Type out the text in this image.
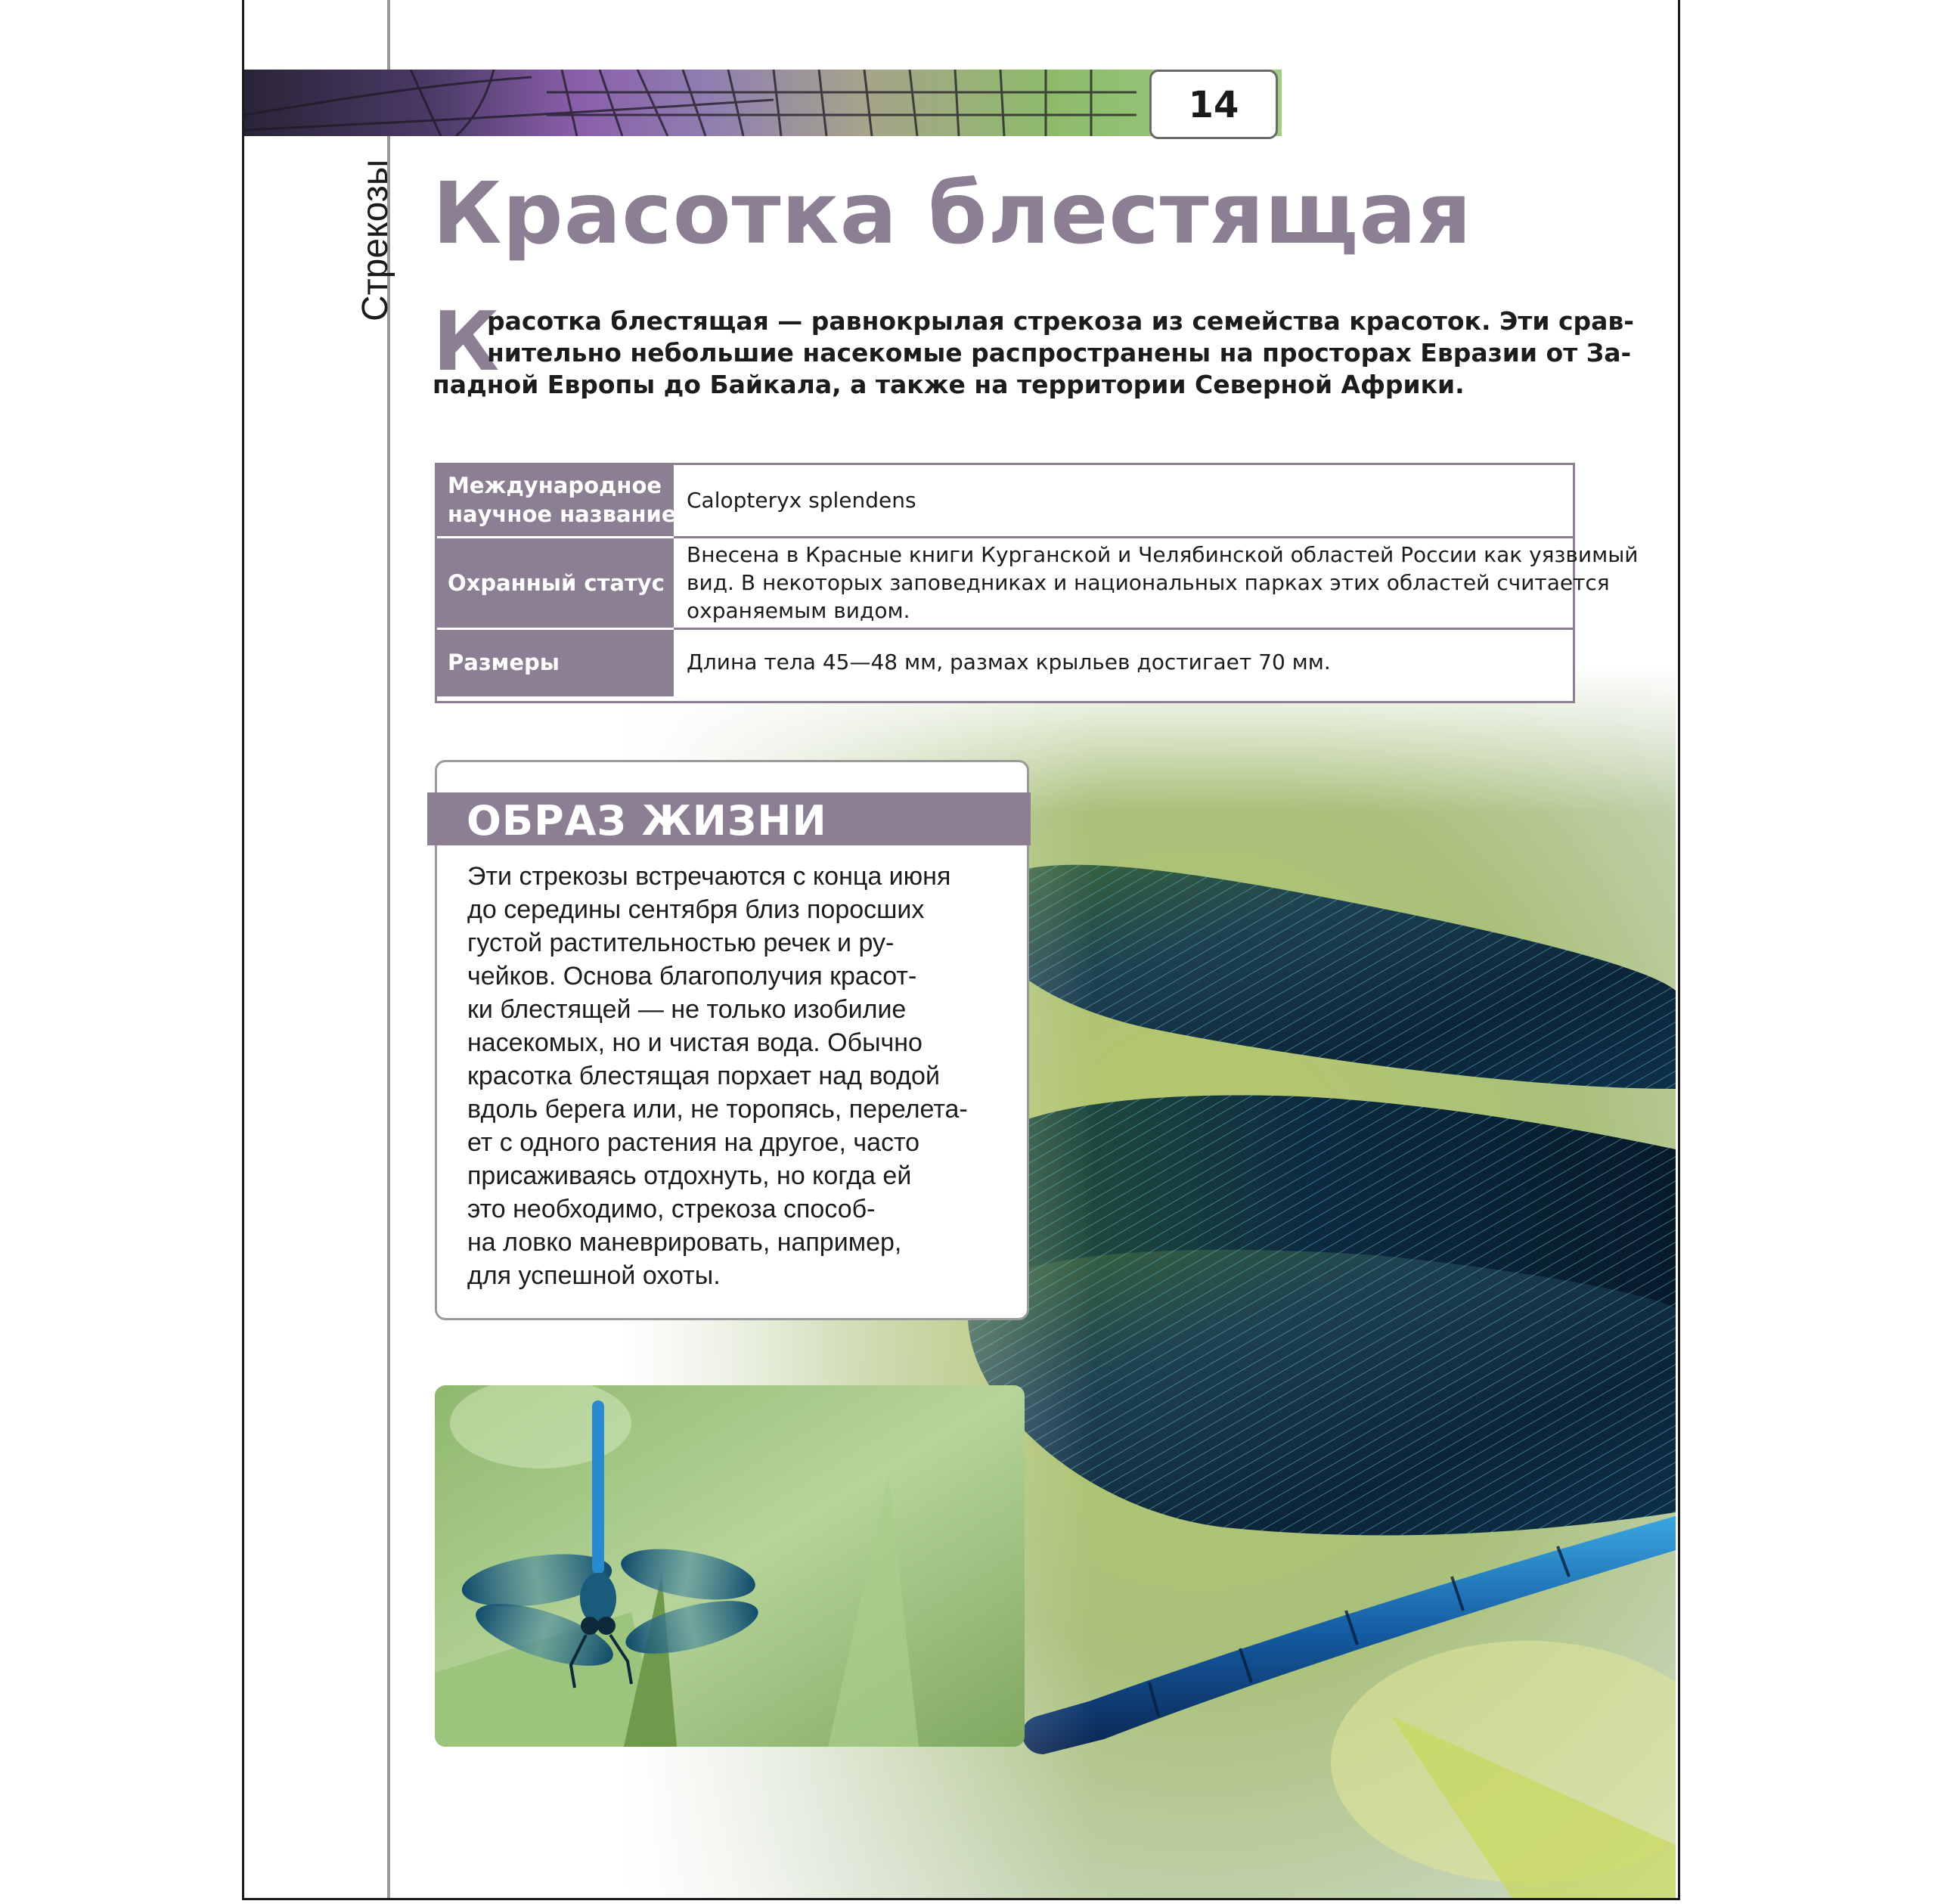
Стрекозы
14
Красотка блестящая
К
расотка блестящая — равнокрылая стрекоза из семейства красоток. Эти срав-
нительно небольшие насекомые распространены на просторах Евразии от За-
падной Европы до Байкала, а также на территории Северной Африки.
Международное
научное название
Calopteryx splendens
Охранный статус
Внесена в Красные книги Курганской и Челябинской областей России как уязвимый
вид. В некоторых заповедниках и национальных парках этих областей считается
охраняемым видом.
Размеры	Длина тела 45—48 мм, размах крыльев достигает 70 мм.
ОБРАЗ ЖИЗНИ
Эти стрекозы встречаются с конца июня
до середины сентября близ поросших
густой растительностью речек и ру-
чейков. Основа благополучия красот-
ки блестящей — не только изобилие
насекомых, но и чистая вода. Обычно
красотка блестящая порхает над водой
вдоль берега или, не торопясь, перелета-
ет с одного растения на другое, часто
присаживаясь отдохнуть, но когда ей
это необходимо, стрекоза способ-
на ловко маневрировать, например,
для успешной охоты.
